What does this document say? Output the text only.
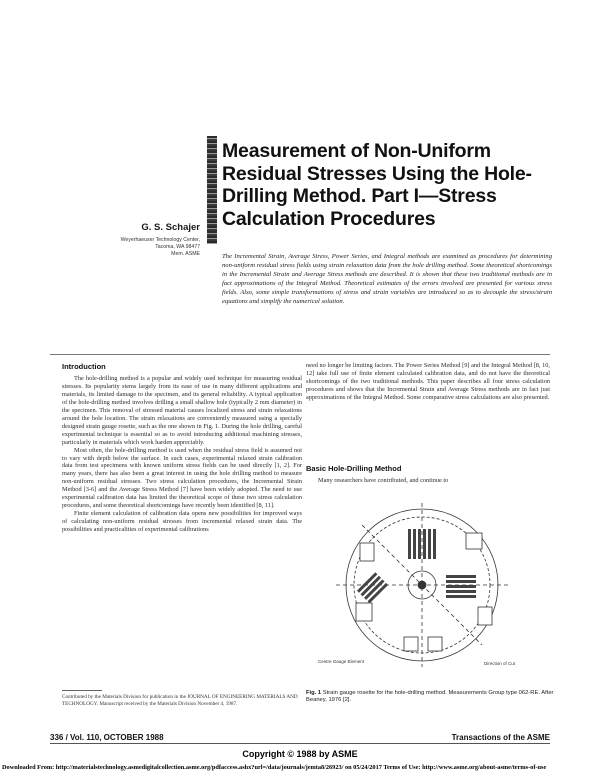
Measurement of Non-Uniform Residual Stresses Using the Hole-Drilling Method. Part I—Stress Calculation Procedures
G. S. Schajer
Weyerhaeuser Technology Center,
Tacoma, WA 98477
Mem. ASME	The Incremental Strain, Average Stress, Power Series, and Integral methods are examined as procedures for determining non-uniform residual stress fields using strain relaxation data from the hole drilling method. Some theoretical shortcomings in the Incremental Strain and Average Stress methods are described. It is shown that these two traditional methods are in fact approximations of the Integral Method. Theoretical estimates of the errors involved are presented for various stress fields. Also, some simple transformations of stress and strain variables are introduced so as to decouple the stress/strain equations and simplify the numerical solution.
Introduction

The hole-drilling method is a popular and widely used technique for measuring residual stresses. Its popularity stems largely from its ease of use in many different applications and materials, its limited damage to the specimen, and its general reliability. A typical application of the hole-drilling method involves drilling a small shallow hole (typically 2 mm diameter) in the specimen. This removal of stressed material causes localized stress and strain relaxations around the hole location. The strain relaxations are conveniently measured using a specially designed strain gauge rosette, such as the one shown in Fig. 1. During the hole drilling, careful experimental technique is essential so as to avoid introducing additional machining stresses, particularly in materials which work harden appreciably.

Most often, the hole-drilling method is used when the residual stress field is assumed not to vary with depth below the surface. In such cases, experimental relaxed strain calibration data from test specimens with known uniform stress fields can be used directly [1, 2]. For many years, there has also been a great interest in using the hole drilling method to measure non-uniform residual stresses. Two stress calculation procedures, the Incremental Strain Method [3-6] and the Average Stress Method [7] have been widely adopted. The need to use experimental calibration data has limited the theoretical scope of these two stress calculation procedures, and some theoretical shortcomings have recently been identified [8, 11].

Finite element calculation of calibration data opens new possibilities for improved ways of calculating non-uniform residual stresses from incremental relaxed strain data. The possibilities and practicalities of experimental calibrations

Contributed by the Materials Division for publication in the JOURNAL OF ENGINEERING MATERIALS AND TECHNOLOGY. Manuscript received by the Materials Division November 4, 1987.

need no longer be limiting factors. The Power Series Method [9] and the Integral Method [8, 10, 12] take full use of finite element calculated calibration data, and do not have the theoretical shortcomings of the two traditional methods. This paper describes all four stress calculation procedures and shows that the Incremental Strain and Average Stress methods are in fact just approximations of the Integral Method. Some comparative stress calculations are also presented.

Basic Hole-Drilling Method

Many researchers have contributed, and continue to

Centre Gauge Element	Direction of Cut
Fig. 1 Strain gauge rosette for the hole-drilling method. Measurements Group type 062-RE. After Beaney, 1976 [2].
336 / Vol. 110, OCTOBER 1988	Transactions of the ASME
Copyright © 1988 by ASME
Downloaded From: http://materialstechnology.asmedigitalcollection.asme.org/pdfaccess.ashx?url=/data/journals/jemta8/26923/ on 05/24/2017 Terms of Use: http://www.asme.org/about-asme/terms-of-use
